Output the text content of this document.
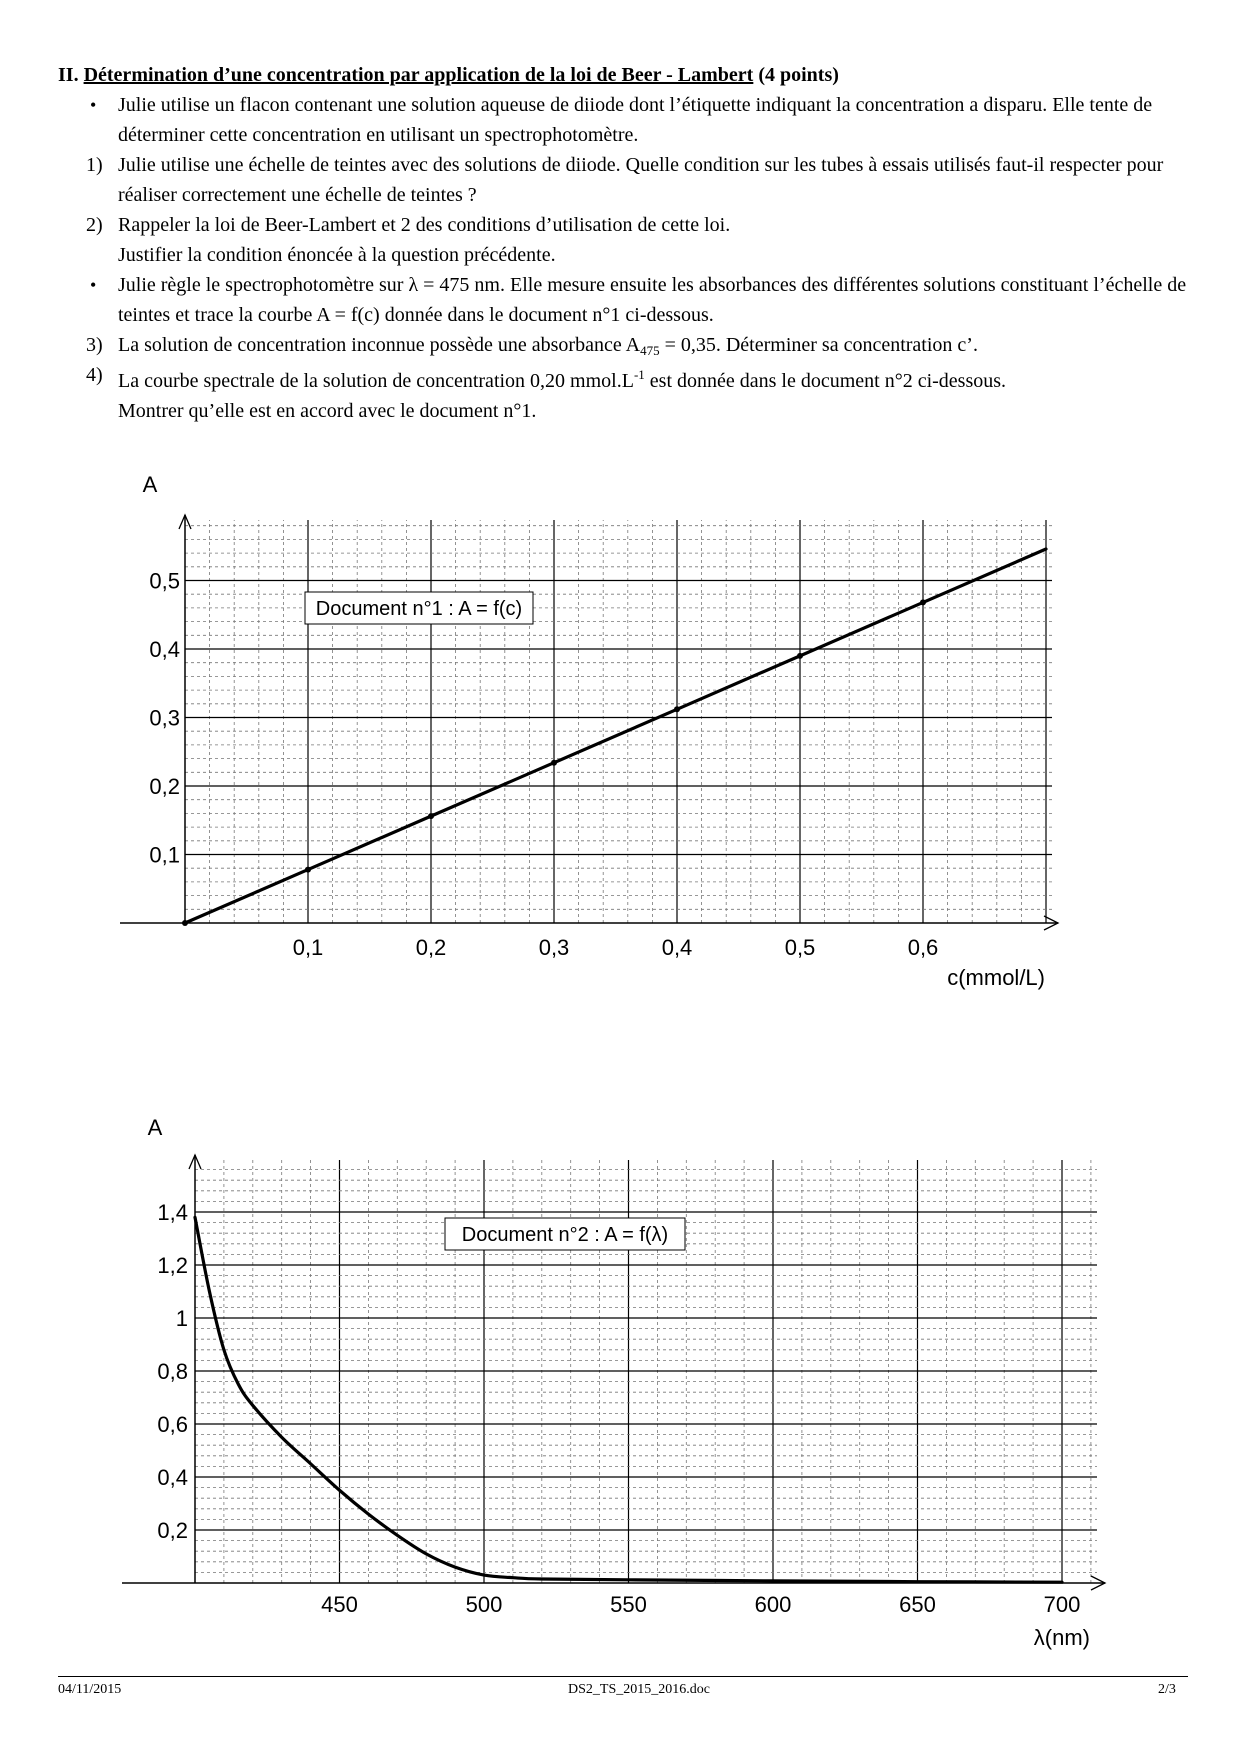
II. Détermination d’une concentration par application de la loi de Beer - Lambert (4 points)
• Julie utilise un flacon contenant une solution aqueuse de diiode dont l’étiquette indiquant la concentration a disparu. Elle tente de déterminer cette concentration en utilisant un spectrophotomètre.
1) Julie utilise une échelle de teintes avec des solutions de diiode. Quelle condition sur les tubes à essais utilisés faut-il respecter pour réaliser correctement une échelle de teintes ?
2) Rappeler la loi de Beer-Lambert et 2 des conditions d’utilisation de cette loi.
Justifier la condition énoncée à la question précédente.
• Julie règle le spectrophotomètre sur λ = 475 nm. Elle mesure ensuite les absorbances des différentes solutions constituant l’échelle de teintes et trace la courbe A = f(c) donnée dans le document n°1 ci-dessous.
3) La solution de concentration inconnue possède une absorbance $A_{475} = 0,35$. Déterminer sa concentration c’.
4) La courbe spectrale de la solution de concentration 0,20 $mmol.L^{-1}$ est donnée dans le document n°2 ci-dessous.
Montrer qu’elle est en accord avec le document n°1.
0,1	0,2	0,3	0,4	0,5	0,6
0,1
0,2
0,3
0,4
0,5
A
c(mmol/L)
Document n°1 : A = f(c)
450	500	550	600	650	700
0,2
0,4
0,6
0,8
1
1,2
1,4
A
λ(nm)
Document n°2 : A = f(λ)
04/11/2015	DS2_TS_2015_2016.doc	2/3
